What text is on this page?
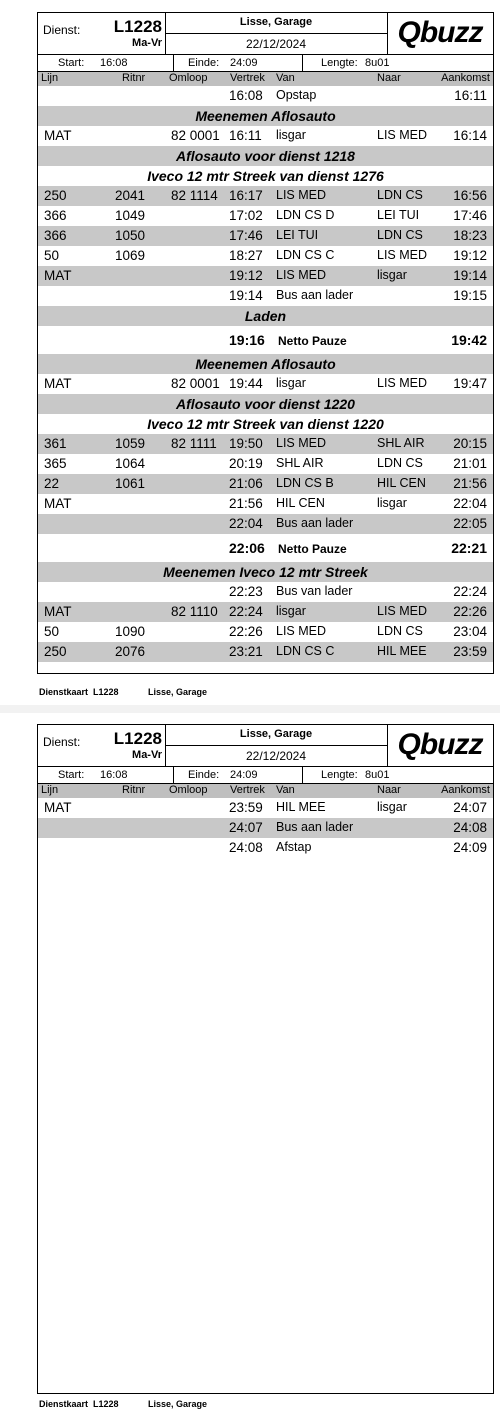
Dienst: L1228
Ma-Vr
Lisse, Garage
22/12/2024	Qbuzz
Start: 16:08	Einde: 24:09	Lengte: 8u01
Lijn	Ritnr Omloop Vertrek Van	Naar	Aankomst
16:08 Opstap	16:11
Meenemen Aflosauto
MAT	82 0001 16:11 lisgar	LIS MED 16:14
Aflosauto voor dienst 1218
Iveco 12 mtr Streek van dienst 1276
250	2041 82 1114 16:17 LIS MED	LDN CS 16:56
366	1049	17:02 LDN CS D	LEI TUI	17:46
366	1050	17:46 LEI TUI	LDN CS 18:23
50	1069	18:27 LDN CS C	LIS MED 19:12
MAT	19:12 LIS MED	lisgar	19:14
19:14 Bus aan lader	19:15
Laden
19:16 Netto Pauze	19:42
Meenemen Aflosauto
MAT	82 0001 19:44 lisgar	LIS MED 19:47
Aflosauto voor dienst 1220
Iveco 12 mtr Streek van dienst 1220
361	1059 82 1111 19:50 LIS MED	SHL AIR 20:15
365	1064	20:19 SHL AIR	LDN CS 21:01
22	1061	21:06 LDN CS B	HIL CEN 21:56
MAT	21:56 HIL CEN	lisgar	22:04
22:04 Bus aan lader	22:05
22:06 Netto Pauze	22:21
Meenemen Iveco 12 mtr Streek
22:23 Bus van lader	22:24
MAT	82 1110 22:24 lisgar	LIS MED 22:26
50	1090	22:26 LIS MED	LDN CS 23:04
250	2076	23:21 LDN CS C	HIL MEE 23:59
Dienstkaart L1228	Lisse, Garage
Dienst: L1228
Ma-Vr
Lisse, Garage
22/12/2024	Qbuzz
Start: 16:08	Einde: 24:09	Lengte: 8u01
Lijn	Ritnr Omloop Vertrek Van	Naar	Aankomst
MAT	23:59 HIL MEE	lisgar	24:07
24:07 Bus aan lader	24:08
24:08 Afstap	24:09
Dienstkaart L1228	Lisse, Garage
